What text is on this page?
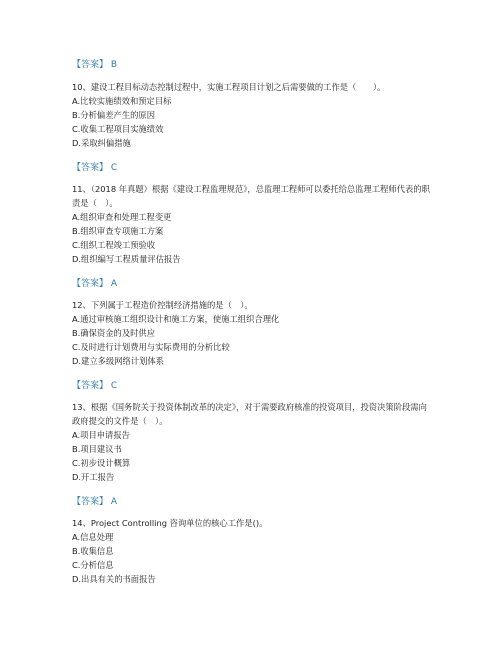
【答案】 B

10、建设工程目标动态控制过程中，实施工程项目计划之后需要做的工作是（　　）。

A.比较实施绩效和预定目标

B.分析偏差产生的原因

C.收集工程项目实施绩效

D.采取纠偏措施

【答案】 C

11、（2018 年真题）根据《建设工程监理规范》，总监理工程师可以委托给总监理工程师代表的职责是（　）。

A.组织审查和处理工程变更

B.组织审查专项施工方案

C.组织工程竣工预验收

D.组织编写工程质量评估报告

【答案】 A

12、下列属于工程造价控制经济措施的是（　）。

A.通过审核施工组织设计和施工方案，使施工组织合理化

B.确保资金的及时供应

C.及时进行计划费用与实际费用的分析比较

D.建立多级网络计划体系

【答案】 C

13、根据《国务院关于投资体制改革的决定》，对于需要政府核准的投资项目，投资决策阶段需向政府提交的文件是（　）。

A.项目申请报告

B.项目建议书

C.初步设计概算

D.开工报告

【答案】 A

14、Project Controlling 咨询单位的核心工作是()。

A.信息处理

B.收集信息

C.分析信息

D.出具有关的书面报告
